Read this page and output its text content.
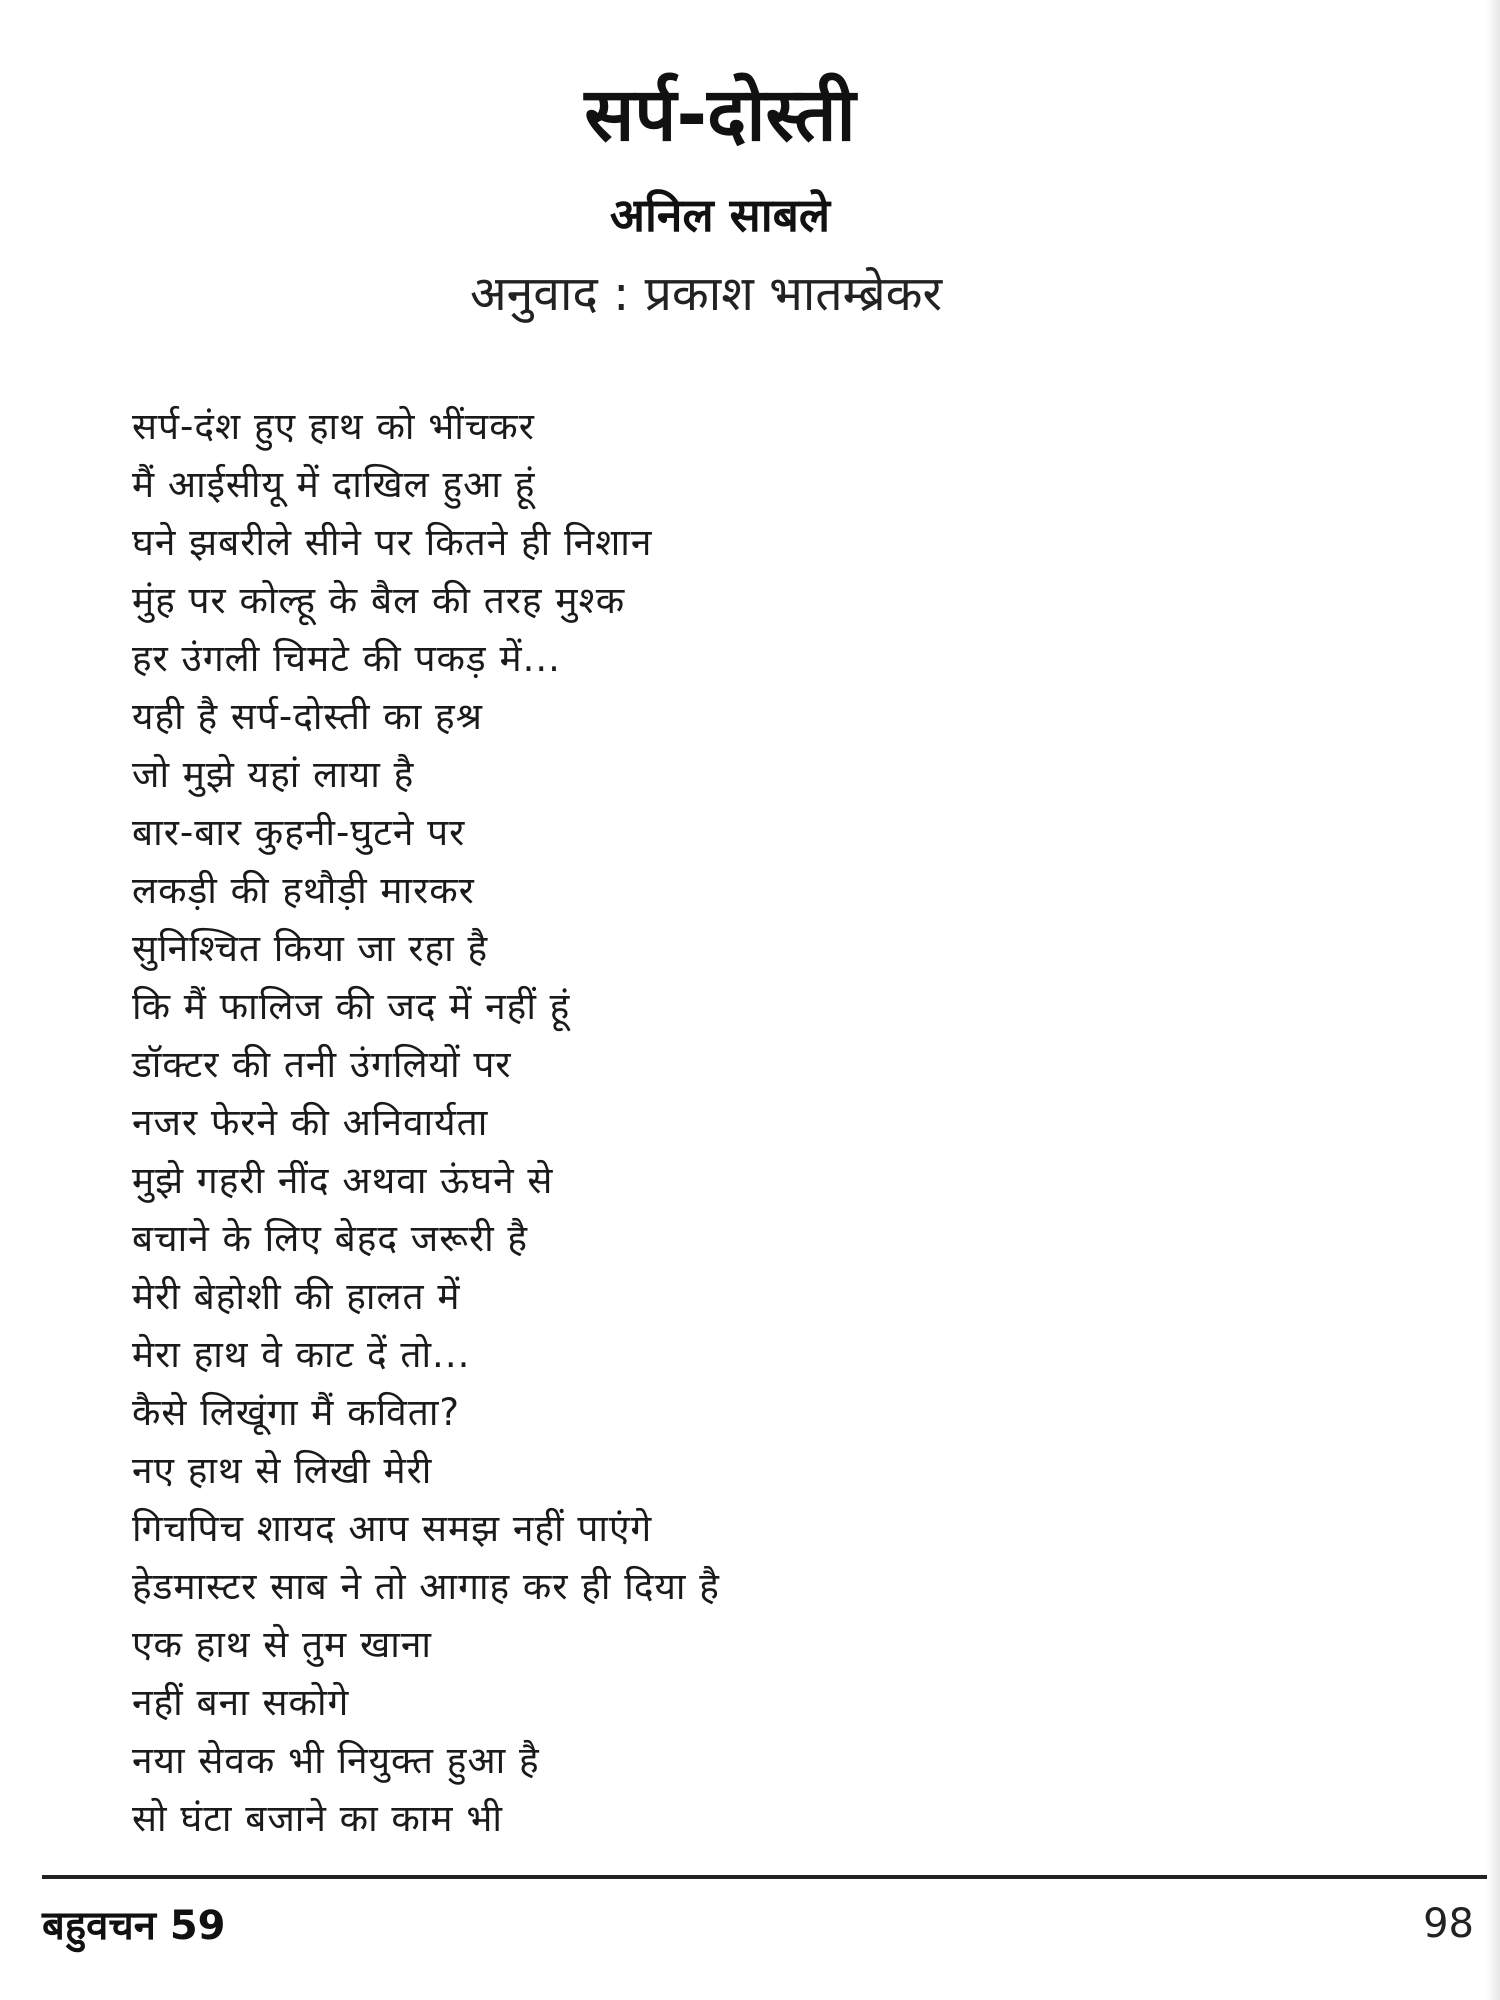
सर्प-दोस्ती
अनिल साबले
अनुवाद : प्रकाश भातम्ब्रेकर
सर्प-दंश हुए हाथ को भींचकर
मैं आईसीयू में दाखिल हुआ हूं
घने झबरीले सीने पर कितने ही निशान
मुंह पर कोल्हू के बैल की तरह मुश्क
हर उंगली चिमटे की पकड़ में...
यही है सर्प-दोस्ती का हश्र
जो मुझे यहां लाया है
बार-बार कुहनी-घुटने पर
लकड़ी की हथौड़ी मारकर
सुनिश्चित किया जा रहा है
कि मैं फालिज की जद में नहीं हूं
डॉक्टर की तनी उंगलियों पर
नजर फेरने की अनिवार्यता
मुझे गहरी नींद अथवा ऊंघने से
बचाने के लिए बेहद जरूरी है
मेरी बेहोशी की हालत में
मेरा हाथ वे काट दें तो...
कैसे लिखूंगा मैं कविता?
नए हाथ से लिखी मेरी
गिचपिच शायद आप समझ नहीं पाएंगे
हेडमास्टर साब ने तो आगाह कर ही दिया है
एक हाथ से तुम खाना
नहीं बना सकोगे
नया सेवक भी नियुक्त हुआ है
सो घंटा बजाने का काम भी
बहुवचन 59	98
